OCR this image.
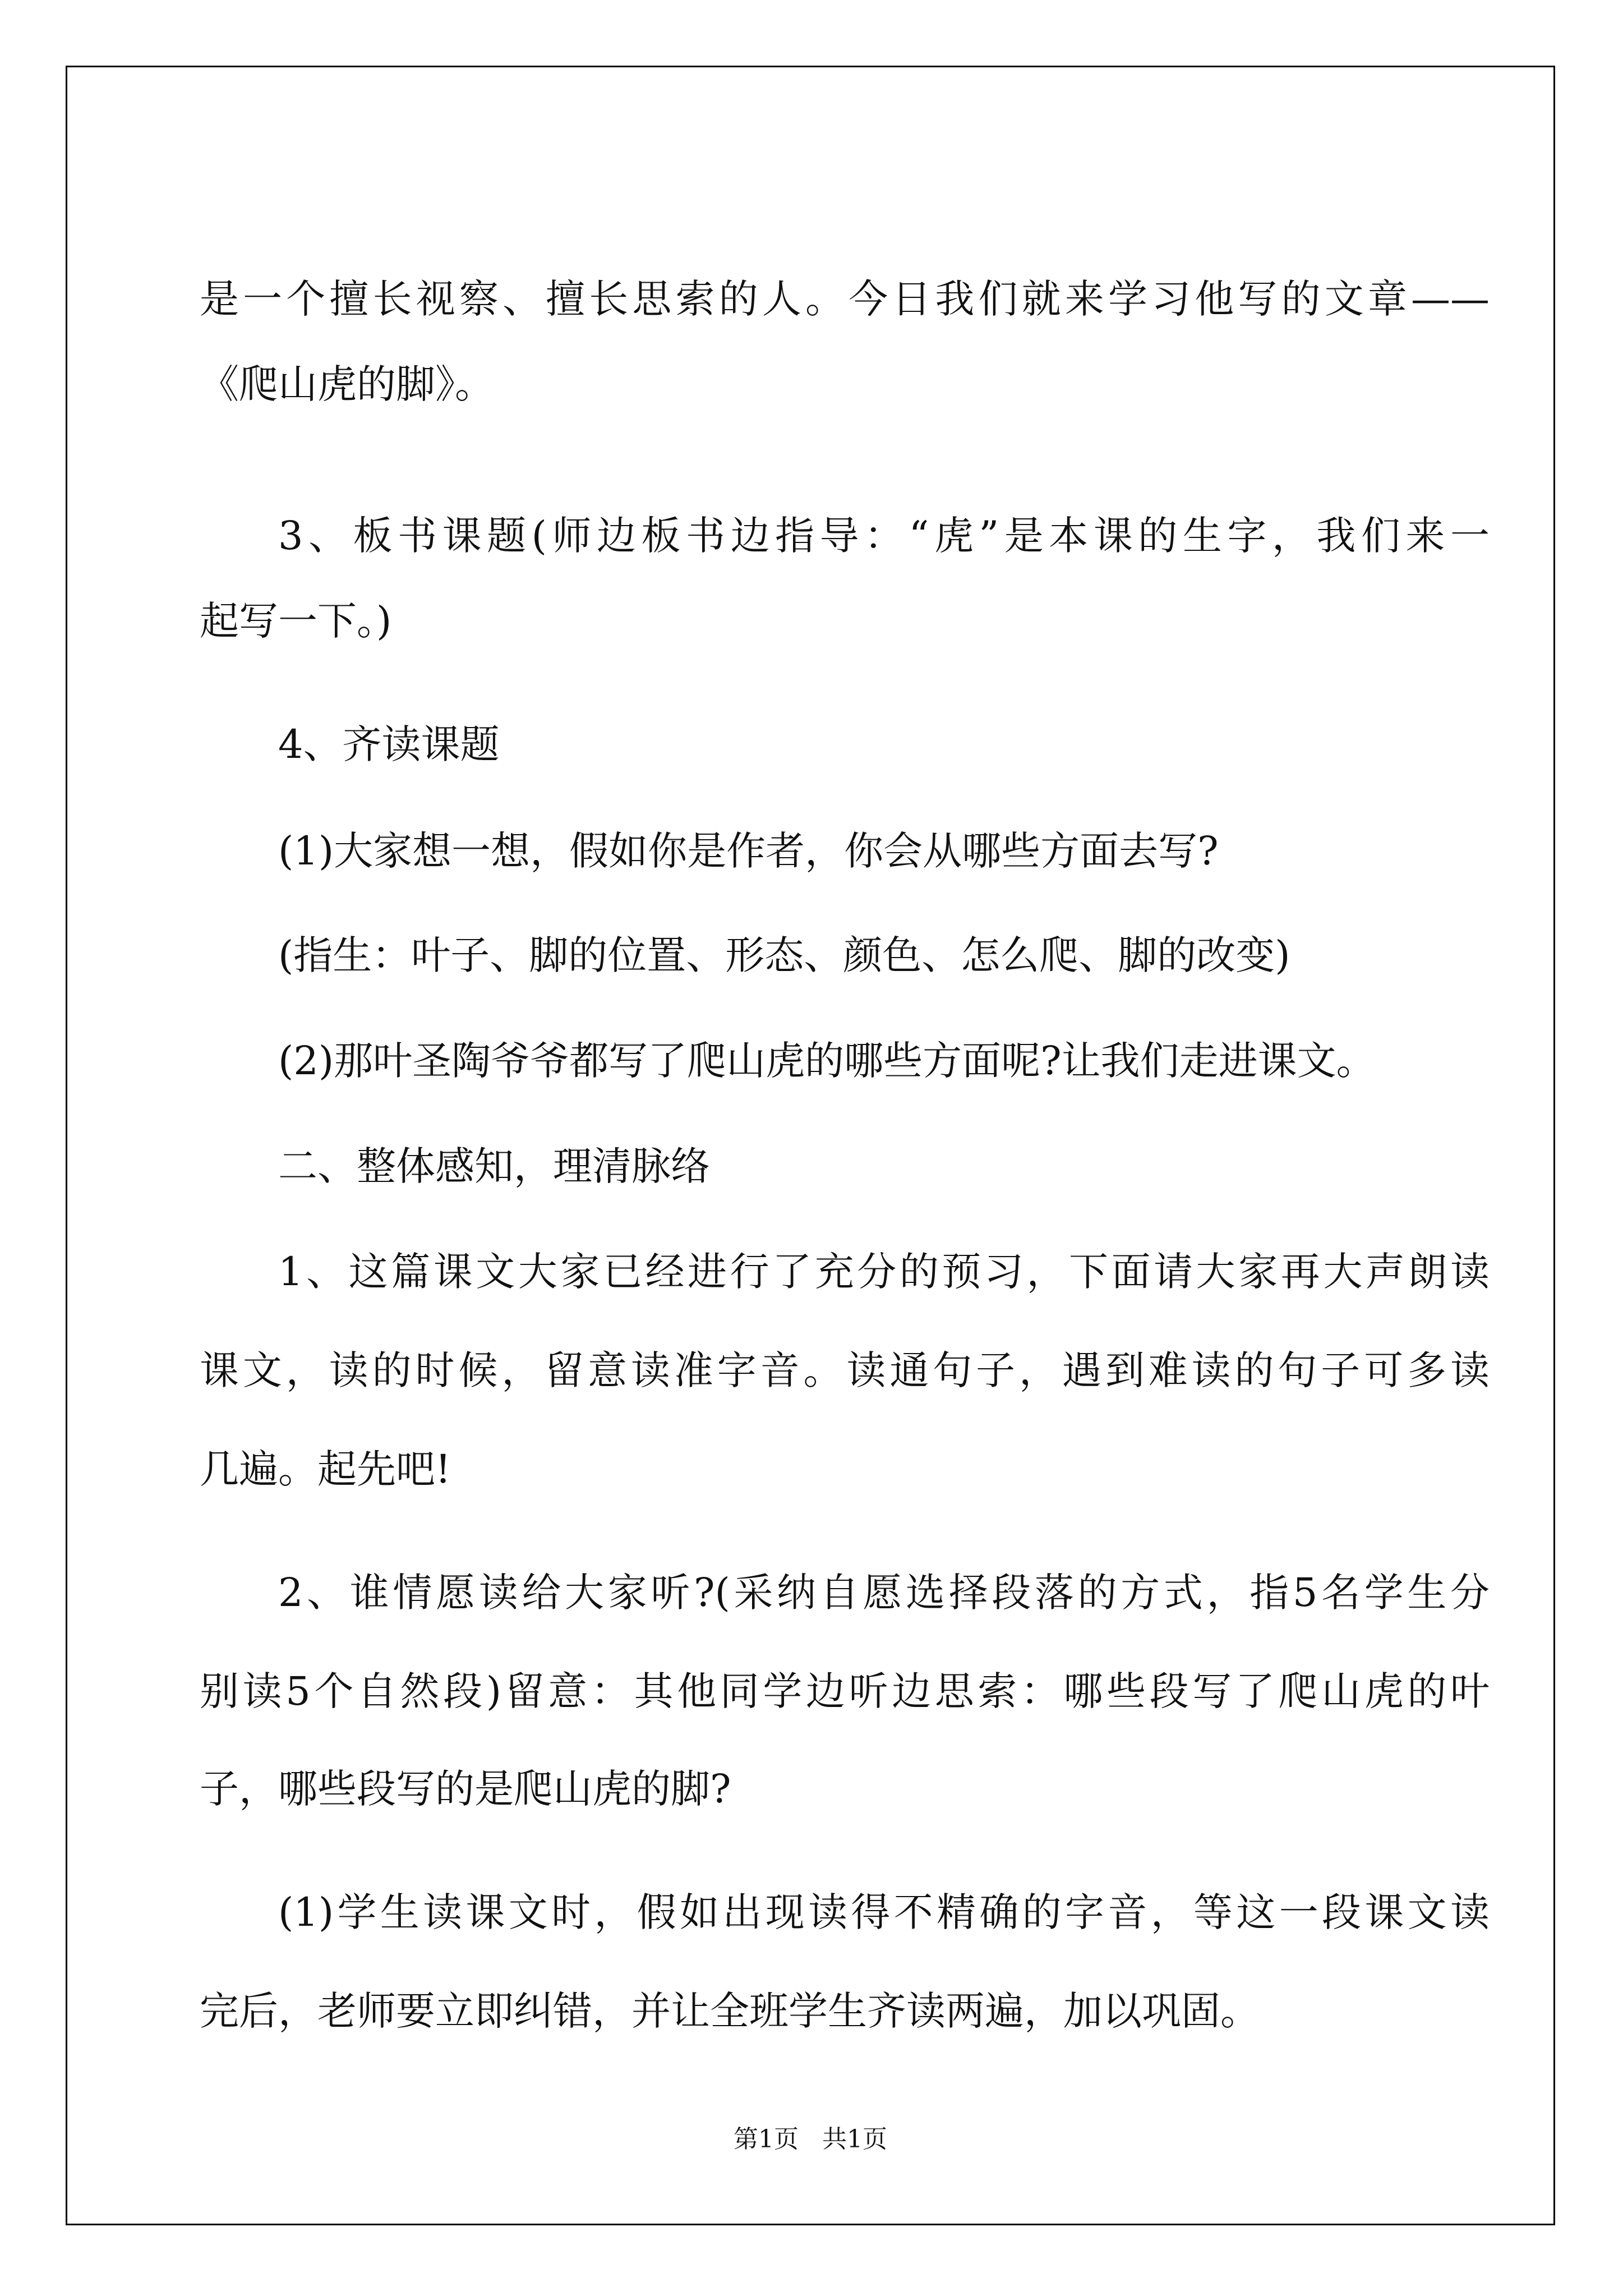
是一个擅长视察、擅长思索的人。今日我们就来学习他写的文章——
《爬山虎的脚》。
3、板书课题(师边板书边指导：“虎”是本课的生字，我们来一
起写一下。)
4、齐读课题
(1)大家想一想，假如你是作者，你会从哪些方面去写?
(指生：叶子、脚的位置、形态、颜色、怎么爬、脚的改变)
(2)那叶圣陶爷爷都写了爬山虎的哪些方面呢?让我们走进课文。
二、整体感知，理清脉络
1、这篇课文大家已经进行了充分的预习，下面请大家再大声朗读
课文，读的时候，留意读准字音。读通句子，遇到难读的句子可多读
几遍。起先吧!
2、谁情愿读给大家听?(采纳自愿选择段落的方式，指5名学生分
别读5个自然段)留意：其他同学边听边思索：哪些段写了爬山虎的叶
子，哪些段写的是爬山虎的脚?
(1)学生读课文时，假如出现读得不精确的字音，等这一段课文读
完后，老师要立即纠错，并让全班学生齐读两遍，加以巩固。
第1页   共1页
